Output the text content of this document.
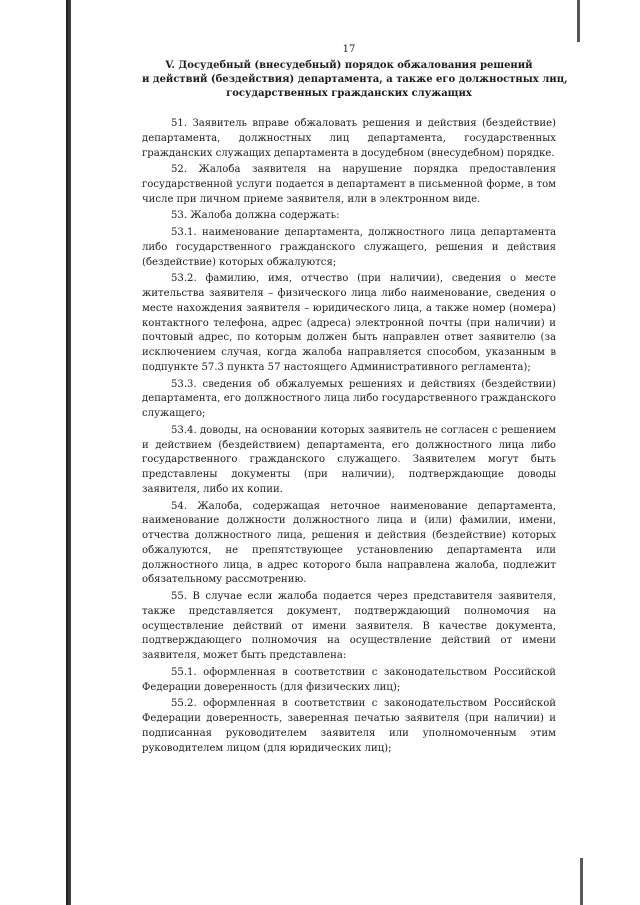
17
V. Досудебный (внесудебный) порядок обжалования решений
и действий (бездействия) департамента, а также его должностных лиц,
государственных гражданских служащих

51. Заявитель вправе обжаловать решения и действия (бездействие) департамента, должностных лиц департамента, государственных гражданских служащих департамента в досудебном (внесудебном) порядке.

52. Жалоба заявителя на нарушение порядка предоставления государственной услуги подается в департамент в письменной форме, в том числе при личном приеме заявителя, или в электронном виде.

53. Жалоба должна содержать:

53.1. наименование департамента, должностного лица департамента либо государственного гражданского служащего, решения и действия (бездействие) которых обжалуются;

53.2. фамилию, имя, отчество (при наличии), сведения о месте жительства заявителя – физического лица либо наименование, сведения о месте нахождения заявителя – юридического лица, а также номер (номера) контактного телефона, адрес (адреса) электронной почты (при наличии) и почтовый адрес, по которым должен быть направлен ответ заявителю (за исключением случая, когда жалоба направляется способом, указанным в подпункте 57.3 пункта 57 настоящего Административного регламента);

53.3. сведения об обжалуемых решениях и действиях (бездействии) департамента, его должностного лица либо государственного гражданского служащего;

53.4. доводы, на основании которых заявитель не согласен с решением и действием (бездействием) департамента, его должностного лица либо государственного гражданского служащего. Заявителем могут быть представлены документы (при наличии), подтверждающие доводы заявителя, либо их копии.

54. Жалоба, содержащая неточное наименование департамента, наименование должности должностного лица и (или) фамилии, имени, отчества должностного лица, решения и действия (бездействие) которых обжалуются, не препятствующее установлению департамента или должностного лица, в адрес которого была направлена жалоба, подлежит обязательному рассмотрению.

55. В случае если жалоба подается через представителя заявителя, также представляется документ, подтверждающий полномочия на осуществление действий от имени заявителя. В качестве документа, подтверждающего полномочия на осуществление действий от имени заявителя, может быть представлена:

55.1. оформленная в соответствии с законодательством Российской Федерации доверенность (для физических лиц);

55.2. оформленная в соответствии с законодательством Российской Федерации доверенность, заверенная печатью заявителя (при наличии) и подписанная руководителем заявителя или уполномоченным этим руководителем лицом (для юридических лиц);
